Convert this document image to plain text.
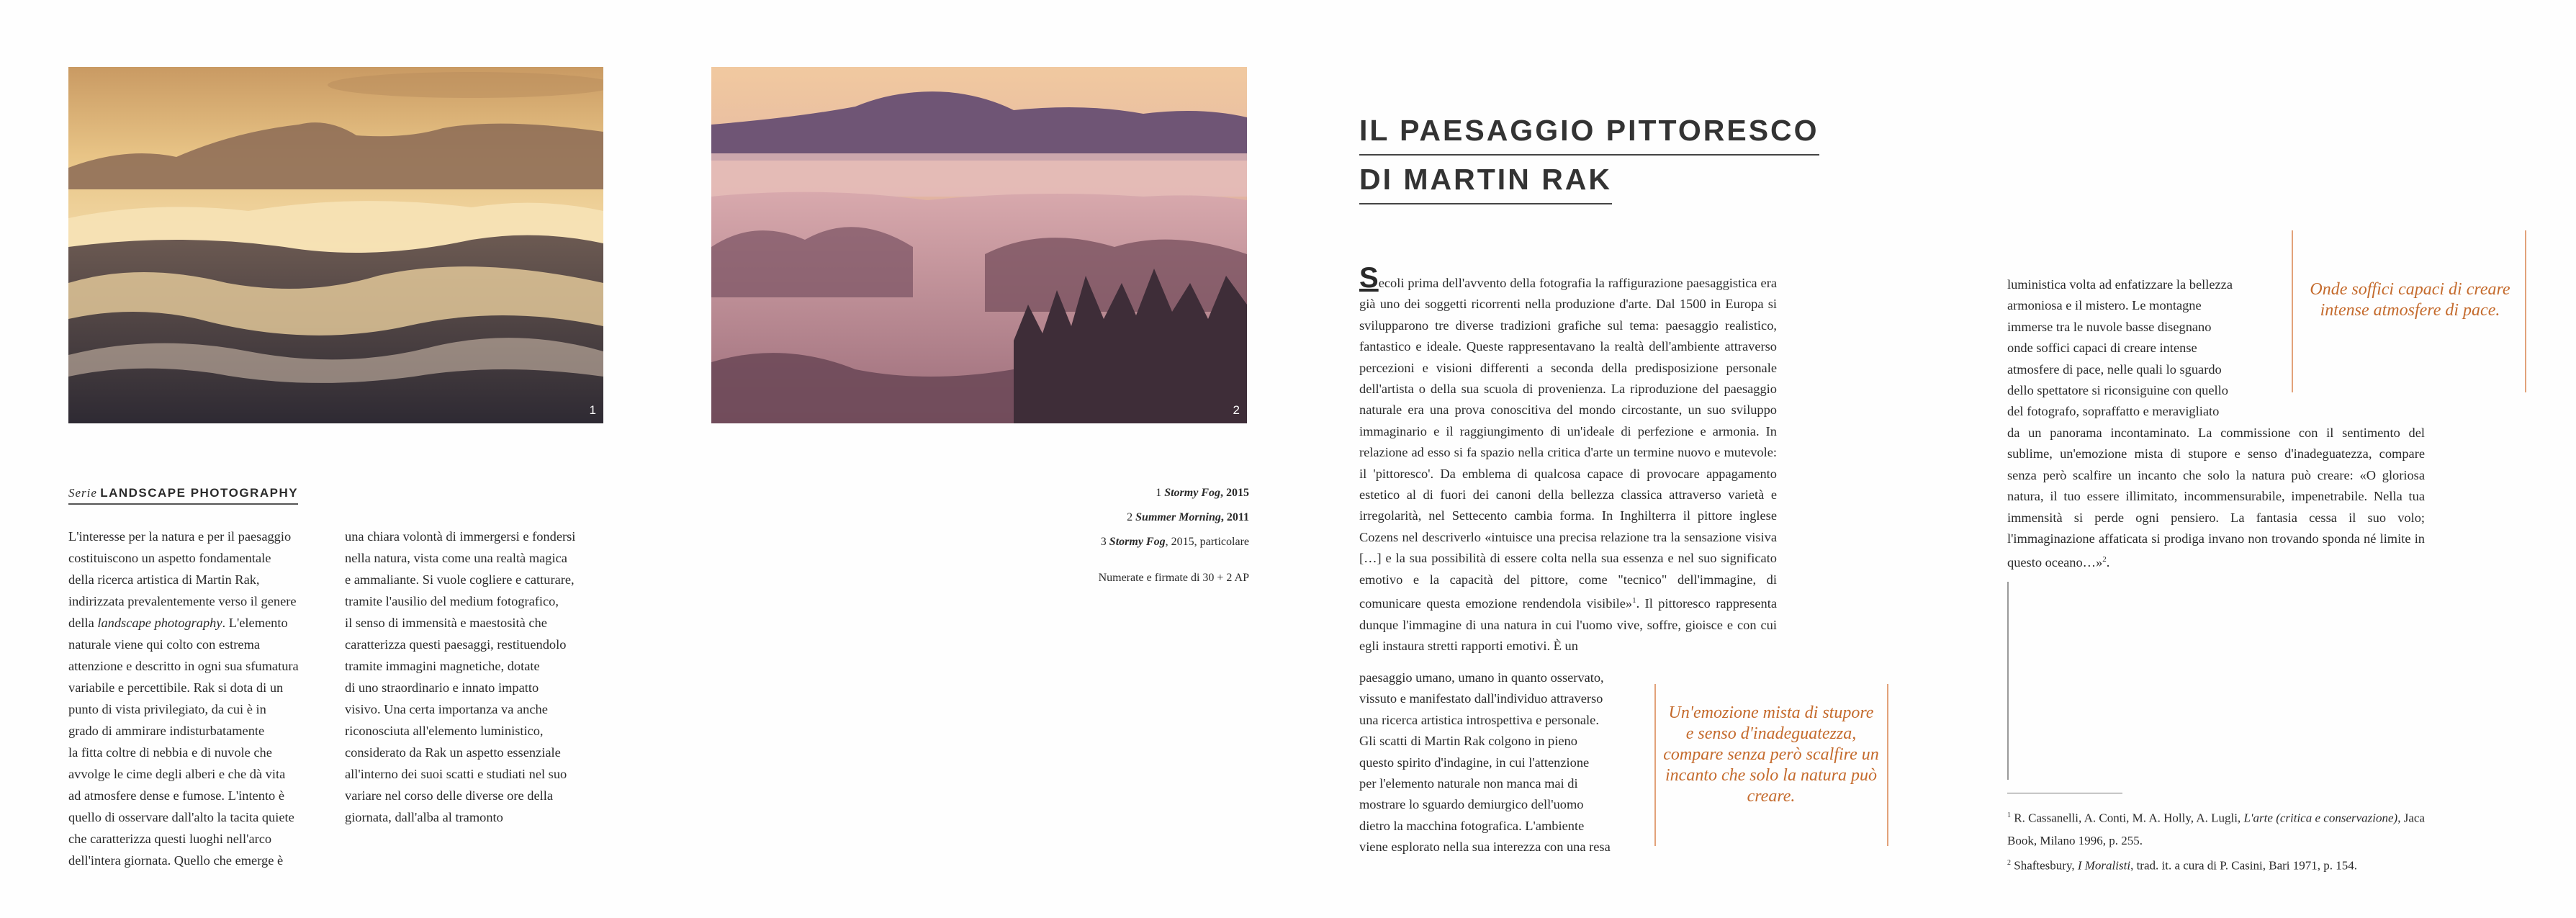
1	2
Serie LANDSCAPE PHOTOGRAPHY
L'interesse per la natura e per il paesaggio
costituiscono un aspetto fondamentale
della ricerca artistica di Martin Rak,
indirizzata prevalentemente verso il genere
della landscape photography. L'elemento
naturale viene qui colto con estrema
attenzione e descritto in ogni sua sfumatura
variabile e percettibile. Rak si dota di un
punto di vista privilegiato, da cui è in
grado di ammirare indisturbatamente
la fitta coltre di nebbia e di nuvole che
avvolge le cime degli alberi e che dà vita
ad atmosfere dense e fumose. L'intento è
quello di osservare dall'alto la tacita quiete
che caratterizza questi luoghi nell'arco
dell'intera giornata. Quello che emerge è
una chiara volontà di immergersi e fondersi
nella natura, vista come una realtà magica
e ammaliante. Si vuole cogliere e catturare,
tramite l'ausilio del medium fotografico,
il senso di immensità e maestosità che
caratterizza questi paesaggi, restituendolo
tramite immagini magnetiche, dotate
di uno straordinario e innato impatto
visivo. Una certa importanza va anche
riconosciuta all'elemento luministico,
considerato da Rak un aspetto essenziale
all'interno dei suoi scatti e studiati nel suo
variare nel corso delle diverse ore della
giornata, dall'alba al tramonto
1 Stormy Fog, 2015
2 Summer Morning, 2011
3 Stormy Fog, 2015, particolare
Numerate e firmate di 30 + 2 AP
IL PAESAGGIO PITTORESCO
DI MARTIN RAK

Secoli prima dell'avvento della fotografia la raffigurazione paesaggistica era già uno dei soggetti ricorrenti nella produzione d'arte. Dal 1500 in Europa si svilupparono tre diverse tradizioni grafiche sul tema: paesaggio realistico, fantastico e ideale. Queste rappresentavano la realtà dell'ambiente attraverso percezioni e visioni differenti a seconda della predisposizione personale dell'artista o della sua scuola di provenienza. La riproduzione del paesaggio naturale era una prova conoscitiva del mondo circostante, un suo sviluppo immaginario e il raggiungimento di un'ideale di perfezione e armonia. In relazione ad esso si fa spazio nella critica d'arte un termine nuovo e mutevole: il 'pittoresco'. Da emblema di qualcosa capace di provocare appagamento estetico al di fuori dei canoni della bellezza classica attraverso varietà e irregolarità, nel Settecento cambia forma. In Inghilterra il pittore inglese Cozens nel descriverlo «intuisce una precisa relazione tra la sensazione visiva […] e la sua possibilità di essere colta nella sua essenza e nel suo significato emotivo e la capacità del pittore, come "tecnico" dell'immagine, di comunicare questa emozione rendendola visibile»$^1$. Il pittoresco rappresenta dunque l'immagine di una natura in cui l'uomo vive, soffre, gioisce e con cui egli instaura stretti rapporti emotivi. È un

paesaggio umano, umano in quanto osservato,
vissuto e manifestato dall'individuo attraverso
una ricerca artistica introspettiva e personale.
Gli scatti di Martin Rak colgono in pieno
questo spirito d'indagine, in cui l'attenzione
per l'elemento naturale non manca mai di
mostrare lo sguardo demiurgico dell'uomo
dietro la macchina fotografica. L'ambiente
viene esplorato nella sua interezza con una resa
Un'emozione mista di stupore e senso d'inadeguatezza, compare senza però scalfire un incanto che solo la natura può creare.
luministica volta ad enfatizzare la bellezza
armoniosa e il mistero. Le montagne
immerse tra le nuvole basse disegnano
onde soffici capaci di creare intense
atmosfere di pace, nelle quali lo sguardo
dello spettatore si riconsiguine con quello
del fotografo, sopraffatto e meravigliato

da un panorama incontaminato. La commissione con il sentimento del sublime, un'emozione mista di stupore e senso d'inadeguatezza, compare senza però scalfire un incanto che solo la natura può creare: «O gloriosa natura, il tuo essere illimitato, incommensurabile, impenetrabile. Nella tua immensità si perde ogni pensiero. La fantasia cessa il suo volo; l'immaginazione affaticata si prodiga invano non trovando sponda né limite in questo oceano…»$^2$.

Onde soffici capaci di creare intense atmosfere di pace.

$^1$ R. Cassanelli, A. Conti, M. A. Holly, A. Lugli, L'arte (critica e conservazione), Jaca Book, Milano 1996, p. 255.

$^2$ Shaftesbury, I Moralisti, trad. it. a cura di P. Casini, Bari 1971, p. 154.
